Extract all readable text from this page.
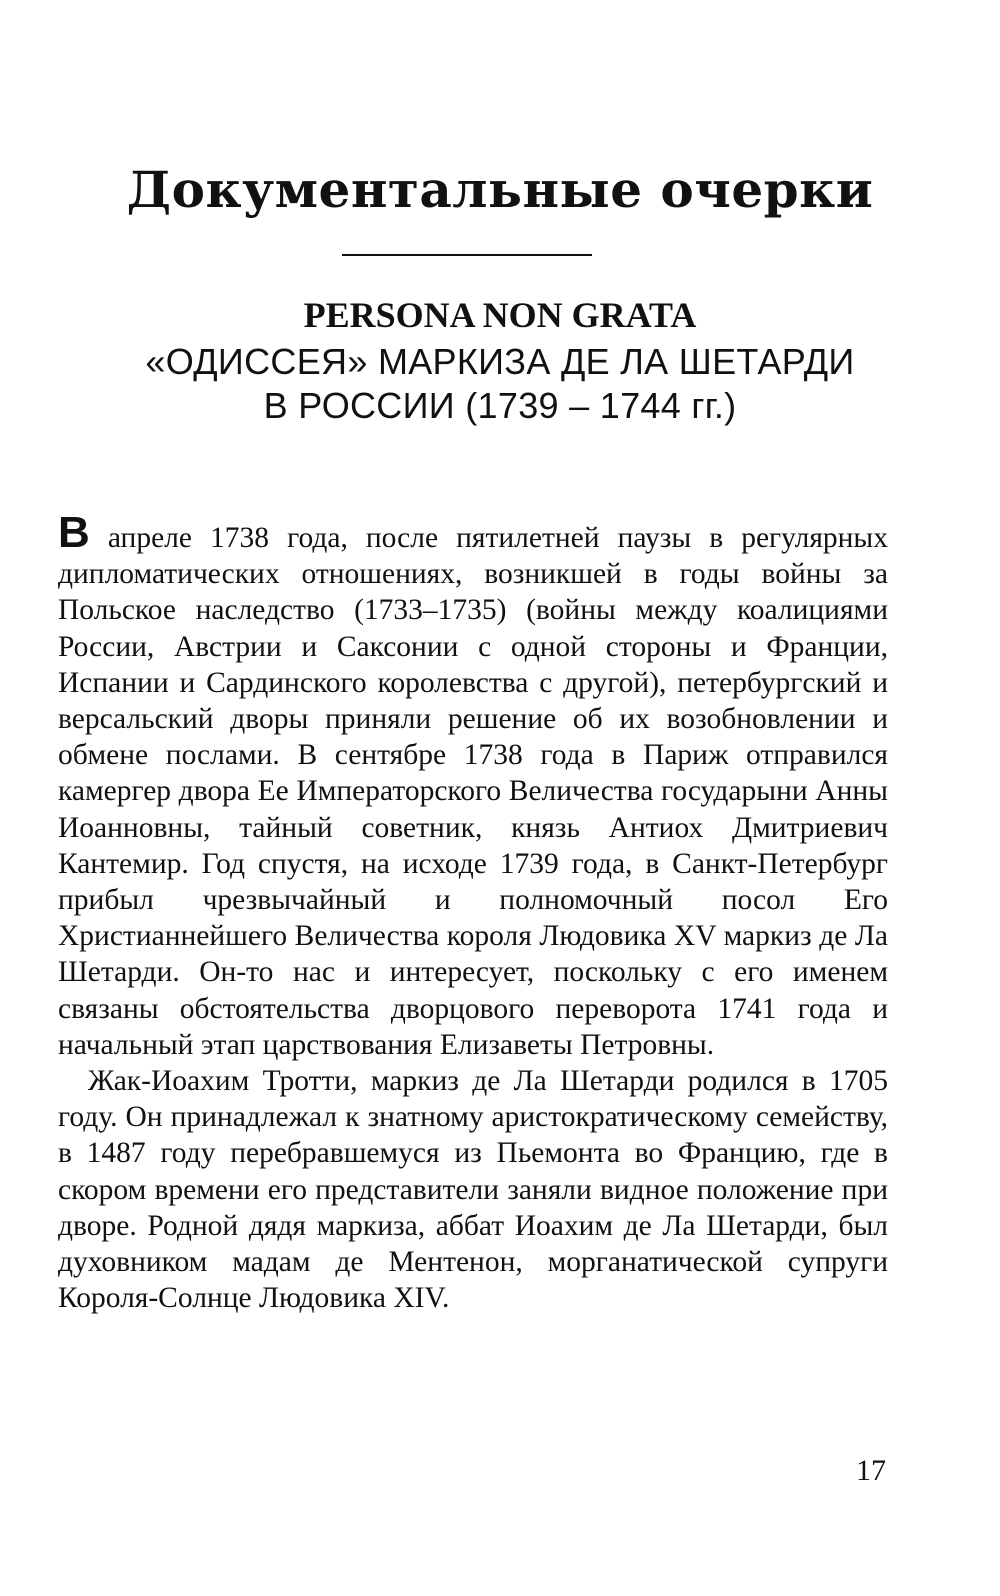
Документальные очерки
PERSONA NON GRATA
«ОДИССЕЯ» МАРКИЗА ДЕ ЛА ШЕТАРДИ
В РОССИИ (1739 – 1744 гг.)

В апреле 1738 года, после пятилетней паузы в регулярных дипломатических отношениях, возникшей в годы войны за Польское наследство (1733–1735) (войны между коалициями России, Австрии и Саксонии с одной стороны и Франции, Испании и Сардинского королевства с другой), петербургский и версальский дворы приняли решение об их возобновлении и обмене послами. В сентябре 1738 года в Париж отправился камергер двора Ее Императорского Величества государыни Анны Иоанновны, тайный советник, князь Антиох Дмитриевич Кантемир. Год спустя, на исходе 1739 года, в Санкт-Петербург прибыл чрезвычайный и полномочный посол Его Христианнейшего Величества короля Людовика XV маркиз де Ла Шетарди. Он-то нас и интересует, поскольку с его именем связаны обстоятельства дворцового переворота 1741 года и начальный этап царствования Елизаветы Петровны.

Жак-Иоахим Тротти, маркиз де Ла Шетарди родился в 1705 году. Он принадлежал к знатному аристократическому семейству, в 1487 году перебравшемуся из Пьемонта во Францию, где в скором времени его представители заняли видное положение при дворе. Родной дядя маркиза, аббат Иоахим де Ла Шетарди, был духовником мадам де Ментенон, морганатической супруги Короля-Солнце Людовика XIV.

17
